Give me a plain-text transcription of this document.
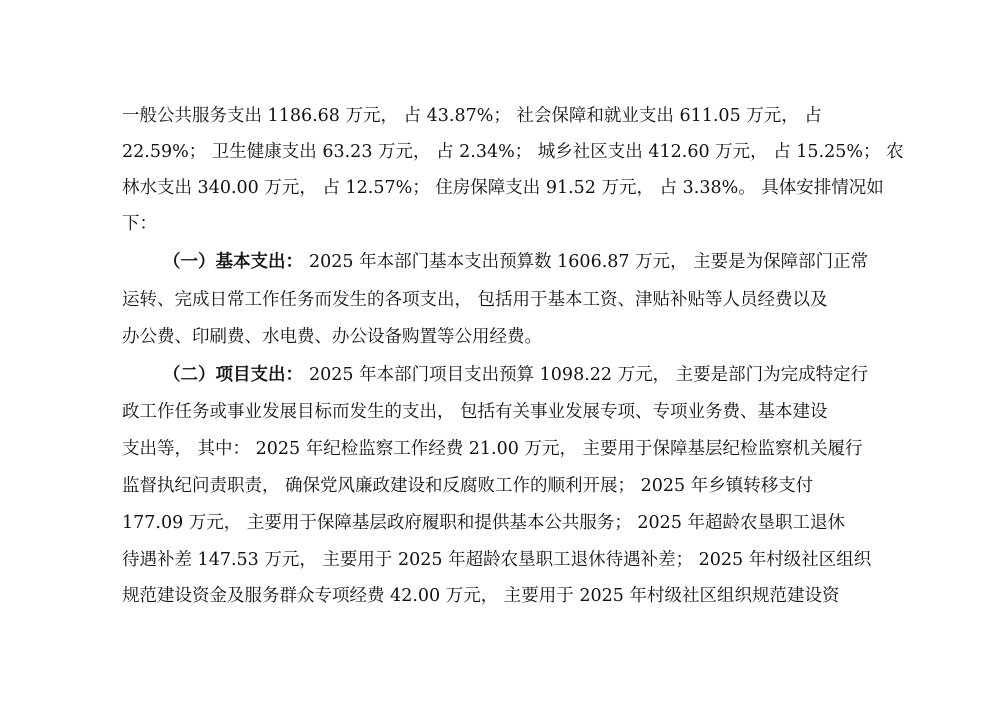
一般公共服务支出 1186.68 万元， 占 43.87%； 社会保障和就业支出 611.05 万元， 占
22.59%； 卫生健康支出 63.23 万元， 占 2.34%； 城乡社区支出 412.60 万元， 占 15.25%； 农
林水支出 340.00 万元， 占 12.57%； 住房保障支出 91.52 万元， 占 3.38%。 具体安排情况如
下：
（一）基本支出： 2025 年本部门基本支出预算数 1606.87 万元， 主要是为保障部门正常
运转、完成日常工作任务而发生的各项支出， 包括用于基本工资、津贴补贴等人员经费以及
办公费、印刷费、水电费、办公设备购置等公用经费。
（二）项目支出： 2025 年本部门项目支出预算 1098.22 万元， 主要是部门为完成特定行
政工作任务或事业发展目标而发生的支出， 包括有关事业发展专项、专项业务费、基本建设
支出等， 其中： 2025 年纪检监察工作经费 21.00 万元， 主要用于保障基层纪检监察机关履行
监督执纪问责职责， 确保党风廉政建设和反腐败工作的顺利开展； 2025 年乡镇转移支付
177.09 万元， 主要用于保障基层政府履职和提供基本公共服务； 2025 年超龄农垦职工退休
待遇补差 147.53 万元， 主要用于 2025 年超龄农垦职工退休待遇补差； 2025 年村级社区组织
规范建设资金及服务群众专项经费 42.00 万元， 主要用于 2025 年村级社区组织规范建设资
